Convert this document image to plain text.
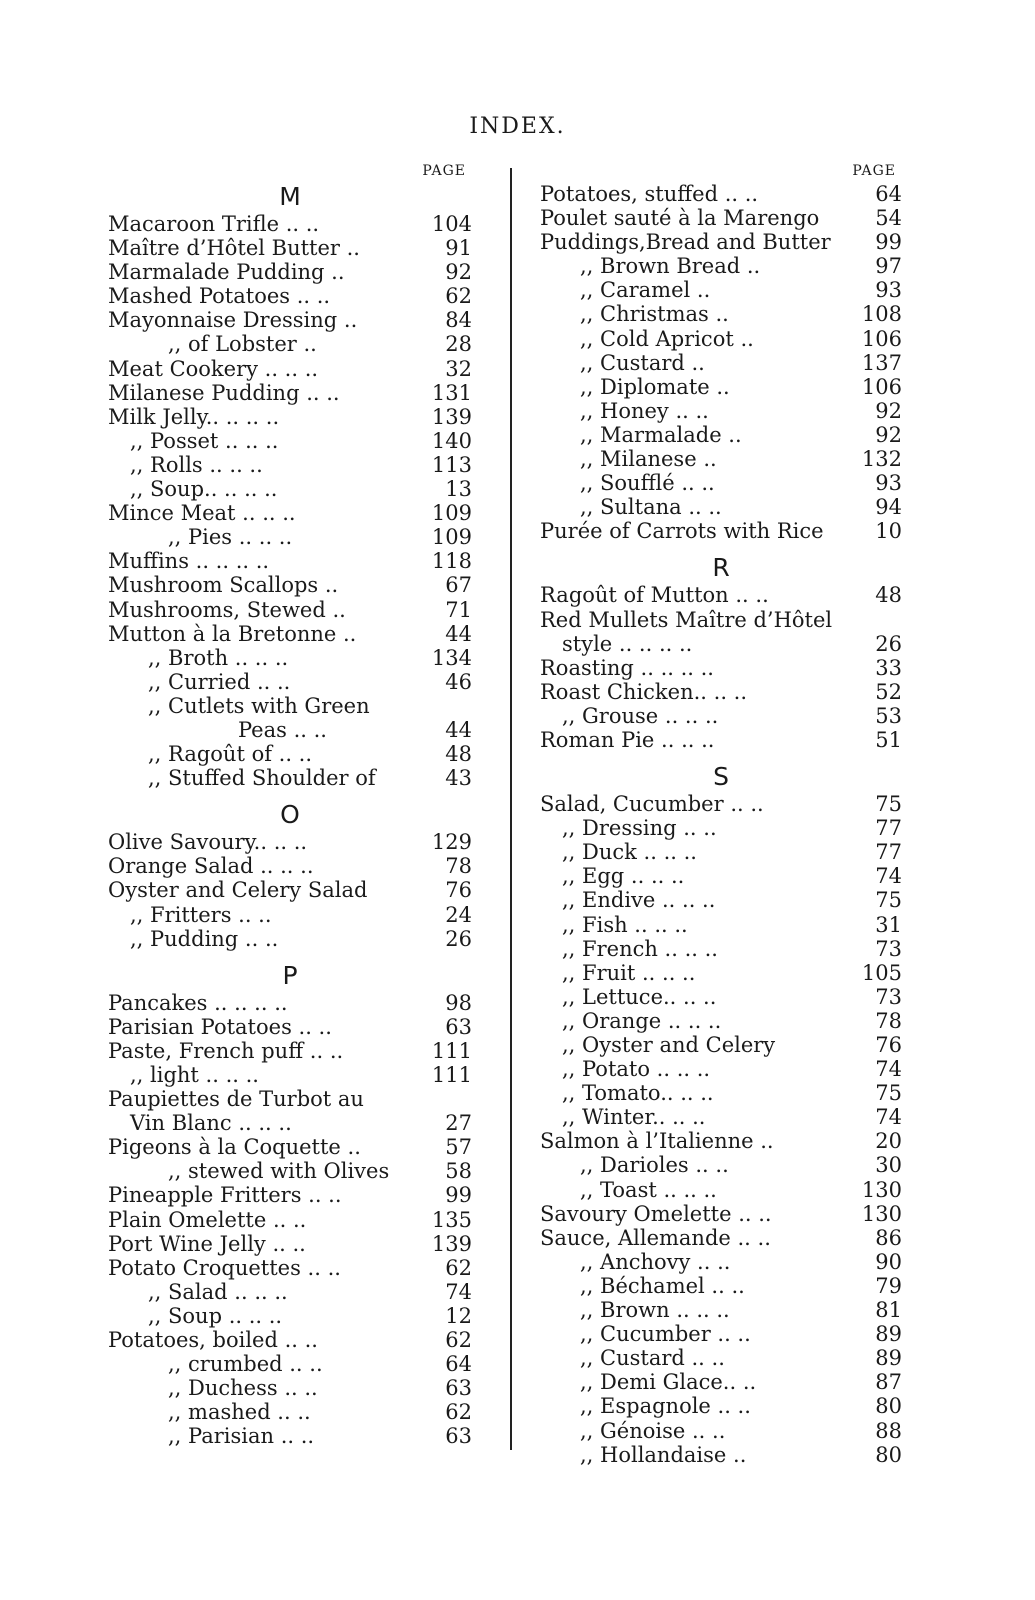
INDEX.
PAGE
M
Macaroon Trifle .. ..	104
Maître d’Hôtel Butter ..	91
Marmalade Pudding ..	92
Mashed Potatoes .. ..	62
Mayonnaise Dressing ..	84
,, of Lobster ..	28
Meat Cookery .. .. ..	32
Milanese Pudding .. ..	131
Milk Jelly.. .. .. ..	139
,, Posset .. .. ..	140
,, Rolls .. .. ..	113
,, Soup.. .. .. ..	13
Mince Meat .. .. ..	109
,, Pies .. .. ..	109
Muffins .. .. .. ..	118
Mushroom Scallops ..	67
Mushrooms, Stewed ..	71
Mutton à la Bretonne ..	44
,, Broth .. .. ..	134
,, Curried .. ..	46
,, Cutlets with Green
Peas .. ..	44
,, Ragoût of .. ..	48
,, Stuffed Shoulder of	43
O
Olive Savoury.. .. ..	129
Orange Salad .. .. ..	78
Oyster and Celery Salad	76
,, Fritters .. ..	24
,, Pudding .. ..	26
P
Pancakes .. .. .. ..	98
Parisian Potatoes .. ..	63
Paste, French puff .. ..	111
,, light .. .. ..	111
Paupiettes de Turbot au
Vin Blanc .. .. ..	27
Pigeons à la Coquette ..	57
,, stewed with Olives	58
Pineapple Fritters .. ..	99
Plain Omelette .. ..	135
Port Wine Jelly .. ..	139
Potato Croquettes .. ..	62
,, Salad .. .. ..	74
,, Soup .. .. ..	12
Potatoes, boiled .. ..	62
,, crumbed .. ..	64
,, Duchess .. ..	63
,, mashed .. ..	62
,, Parisian .. ..	63
PAGE
Potatoes, stuffed .. ..	64
Poulet sauté à la Marengo	54
Puddings,Bread and Butter	99
,, Brown Bread ..	97
,, Caramel ..	93
,, Christmas ..	108
,, Cold Apricot ..	106
,, Custard ..	137
,, Diplomate ..	106
,, Honey .. ..	92
,, Marmalade ..	92
,, Milanese ..	132
,, Soufflé .. ..	93
,, Sultana .. ..	94
Purée of Carrots with Rice	10
R
Ragoût of Mutton .. ..	48
Red Mullets Maître d’Hôtel
style .. .. .. ..	26
Roasting .. .. .. ..	33
Roast Chicken.. .. ..	52
,, Grouse .. .. ..	53
Roman Pie .. .. ..	51
S
Salad, Cucumber .. ..	75
,, Dressing .. ..	77
,, Duck .. .. ..	77
,, Egg .. .. ..	74
,, Endive .. .. ..	75
,, Fish .. .. ..	31
,, French .. .. ..	73
,, Fruit .. .. ..	105
,, Lettuce.. .. ..	73
,, Orange .. .. ..	78
,, Oyster and Celery	76
,, Potato .. .. ..	74
,, Tomato.. .. ..	75
,, Winter.. .. ..	74
Salmon à l’Italienne ..	20
,, Darioles .. ..	30
,, Toast .. .. ..	130
Savoury Omelette .. ..	130
Sauce, Allemande .. ..	86
,, Anchovy .. ..	90
,, Béchamel .. ..	79
,, Brown .. .. ..	81
,, Cucumber .. ..	89
,, Custard .. ..	89
,, Demi Glace.. ..	87
,, Espagnole .. ..	80
,, Génoise .. ..	88
,, Hollandaise ..	80
